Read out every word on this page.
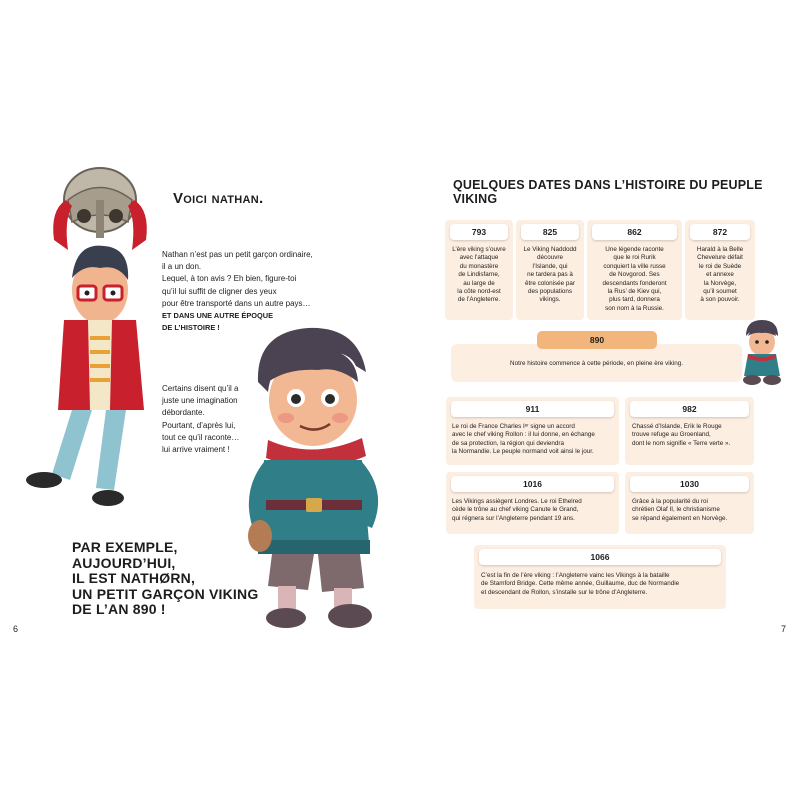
Voici nathan.
Nathan n’est pas un petit garçon ordinaire,
il a un don.
Lequel, à ton avis ? Eh bien, figure-toi
qu’il lui suffit de cligner des yeux
pour être transporté dans un autre pays…
ET DANS UNE AUTRE ÉPOQUE
DE L’HISTOIRE !
Certains disent qu’il a
juste une imagination
débordante.
Pourtant, d’après lui,
tout ce qu’il raconte…
lui arrive vraiment !
PAR EXEMPLE, AUJOURD’HUI,
IL EST NATHØRN,
UN PETIT GARÇON VIKING
DE L’AN 890 !
6
QUELQUES DATES DANS L’HISTOIRE DU PEUPLE VIKING
793
L’ère viking s’ouvre
avec l’attaque
du monastère
de Lindisfarne,
au large de
la côte nord-est
de l’Angleterre.
825
Le Viking Naddodd
découvre
l’Islande, qui
ne tardera pas à
être colonisée par
des populations
vikings.
862
Une légende raconte
que le roi Rurik
conquiert la ville russe
de Novgorod. Ses
descendants fonderont
la Rus’ de Kiev qui,
plus tard, donnera
son nom à la Russie.
872
Harald à la Belle
Chevelure défait
le roi de Suède
et annexe
la Norvège,
qu’il soumet
à son pouvoir.
890
Notre histoire commence à cette période, en pleine ère viking.
911
Le roi de France Charles Iᵉʳ signe un accord
avec le chef viking Rollon : il lui donne, en échange
de sa protection, la région qui deviendra
la Normandie. Le peuple normand voit ainsi le jour.
982
Chassé d’Islande, Erik le Rouge
trouve refuge au Groenland,
dont le nom signifie « Terre verte ».
1016
Les Vikings assiègent Londres. Le roi Ethelred
cède le trône au chef viking Canute le Grand,
qui régnera sur l’Angleterre pendant 19 ans.
1030
Grâce à la popularité du roi
chrétien Olaf II, le christianisme
se répand également en Norvège.
1066
C’est la fin de l’ère viking : l’Angleterre vainc les Vikings à la bataille
de Stamford Bridge. Cette même année, Guillaume, duc de Normandie
et descendant de Rollon, s’installe sur le trône d’Angleterre.
7
